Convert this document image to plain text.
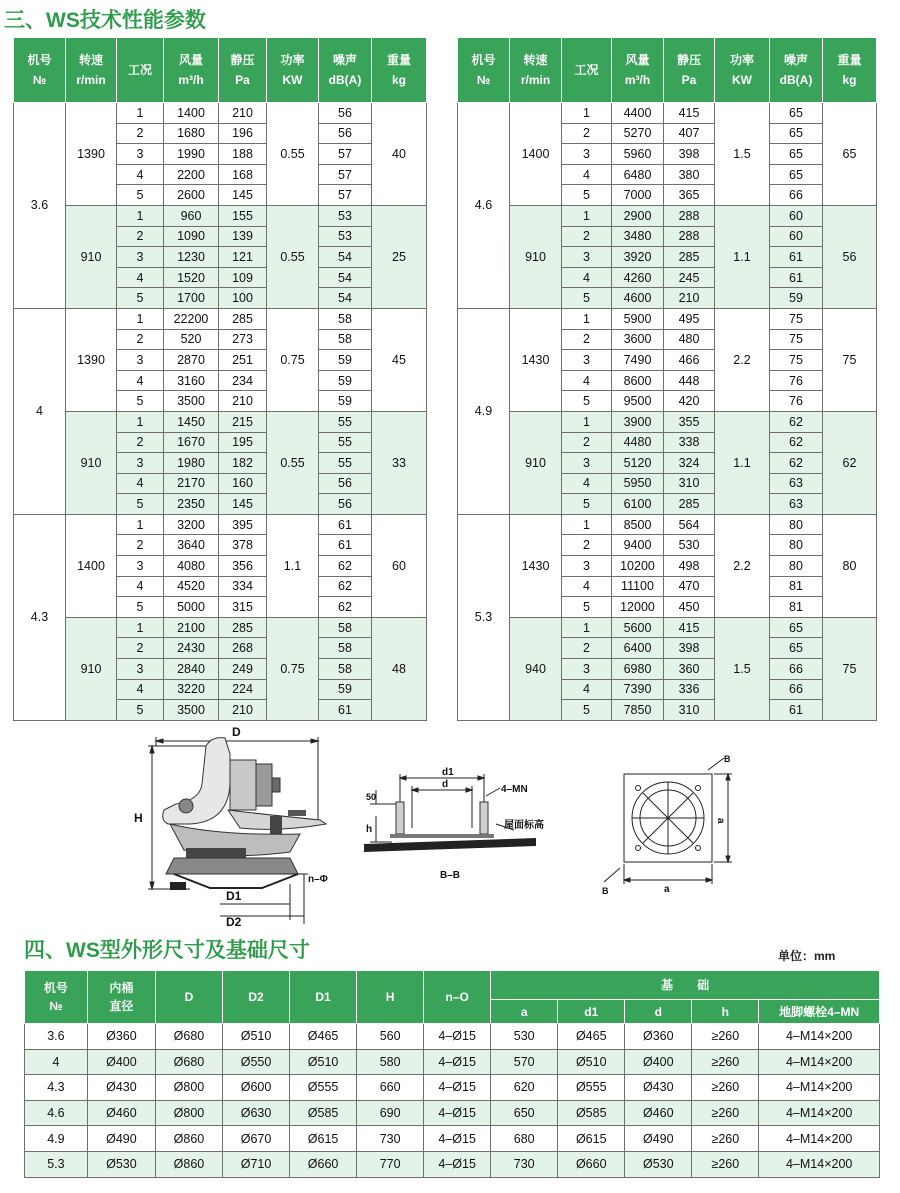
三、WS技术性能参数
机号
№	转速
r/min	工况	风量
m³/h	静压
Pa	功率
KW	噪声
dB(A)	重量
kg
3.6	1390	1	1400	210	0.55	56	40
		2	1680	196		56	
		3	1990	188		57	
		4	2200	168		57	
		5	2600	145		57	
	910	1	960	155	0.55	53	25
		2	1090	139		53	
		3	1230	121		54	
		4	1520	109		54	
		5	1700	100		54	
4	1390	1	22200	285	0.75	58	45
		2	520	273		58	
		3	2870	251		59	
		4	3160	234		59	
		5	3500	210		59	
	910	1	1450	215	0.55	55	33
		2	1670	195		55	
		3	1980	182		55	
		4	2170	160		56	
		5	2350	145		56	
4.3	1400	1	3200	395	1.1	61	60
		2	3640	378		61	
		3	4080	356		62	
		4	4520	334		62	
		5	5000	315		62	
	910	1	2100	285	0.75	58	48
		2	2430	268		58	
		3	2840	249		58	
		4	3220	224		59	
		5	3500	210		61	
机号
№	转速
r/min	工况	风量
m³/h	静压
Pa	功率
KW	噪声
dB(A)	重量
kg
4.6	1400	1	4400	415	1.5	65	65
		2	5270	407		65	
		3	5960	398		65	
		4	6480	380		65	
		5	7000	365		66	
	910	1	2900	288	1.1	60	56
		2	3480	288		60	
		3	3920	285		61	
		4	4260	245		61	
		5	4600	210		59	
4.9	1430	1	5900	495	2.2	75	75
		2	3600	480		75	
		3	7490	466		75	
		4	8600	448		76	
		5	9500	420		76	
	910	1	3900	355	1.1	62	62
		2	4480	338		62	
		3	5120	324		62	
		4	5950	310		63	
		5	6100	285		63	
5.3	1430	1	8500	564	2.2	80	80
		2	9400	530		80	
		3	10200	498		80	
		4	11100	470		81	
		5	12000	450		81	
	940	1	5600	415	1.5	65	75
		2	6400	398		65	
		3	6980	360		66	
		4	7390	336		66	
		5	7850	310		61	
D
H
D1
D2
n–Φ
d1
d
50
h
4–MN
屋面标高
B–B
a
a
B
B
四、WS型外形尺寸及基础尺寸	单位：mm
机号
№	内桶
直径	D	D2	D1	H	n–O	基　　础				
							a	d1	d	h	地脚螺栓4–MN
3.6	Ø360	Ø680	Ø510	Ø465	560	4–Ø15	530	Ø465	Ø360	≥260	4–M14×200
4	Ø400	Ø680	Ø550	Ø510	580	4–Ø15	570	Ø510	Ø400	≥260	4–M14×200
4.3	Ø430	Ø800	Ø600	Ø555	660	4–Ø15	620	Ø555	Ø430	≥260	4–M14×200
4.6	Ø460	Ø800	Ø630	Ø585	690	4–Ø15	650	Ø585	Ø460	≥260	4–M14×200
4.9	Ø490	Ø860	Ø670	Ø615	730	4–Ø15	680	Ø615	Ø490	≥260	4–M14×200
5.3	Ø530	Ø860	Ø710	Ø660	770	4–Ø15	730	Ø660	Ø530	≥260	4–M14×200
